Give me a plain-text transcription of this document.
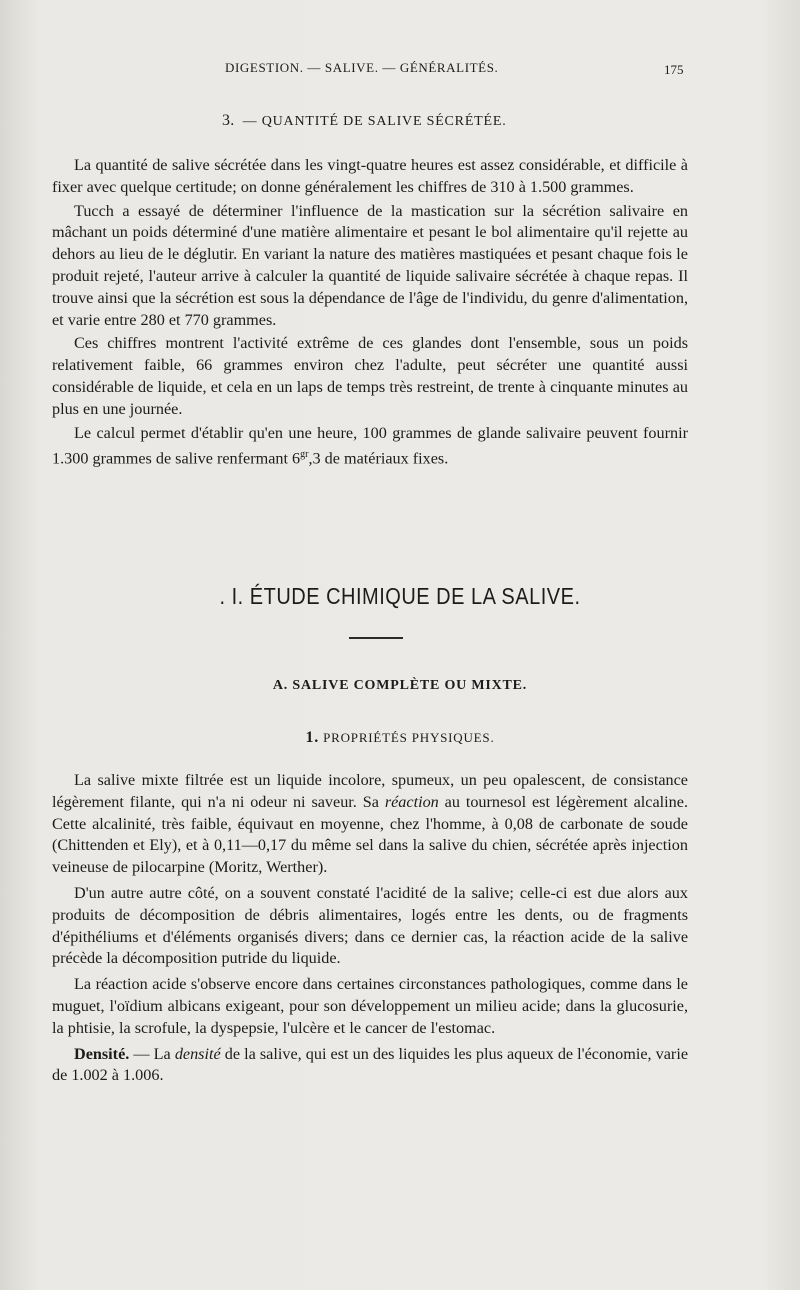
DIGESTION. — SALIVE. — GÉNÉRALITÉS.	175
3. — QUANTITÉ DE SALIVE SÉCRÉTÉE.

La quantité de salive sécrétée dans les vingt-quatre heures est assez considérable, et difficile à fixer avec quelque certitude; on donne généralement les chiffres de 310 à 1.500 grammes.

Tucch a essayé de déterminer l'influence de la mastication sur la sécrétion salivaire en mâchant un poids déterminé d'une matière alimentaire et pesant le bol alimentaire qu'il rejette au dehors au lieu de le déglutir. En variant la nature des matières mastiquées et pesant chaque fois le produit rejeté, l'auteur arrive à calculer la quantité de liquide salivaire sécrétée à chaque repas. Il trouve ainsi que la sécrétion est sous la dépendance de l'âge de l'individu, du genre d'alimentation, et varie entre 280 et 770 grammes.

Ces chiffres montrent l'activité extrême de ces glandes dont l'ensemble, sous un poids relativement faible, 66 grammes environ chez l'adulte, peut sécréter une quantité aussi considérable de liquide, et cela en un laps de temps très restreint, de trente à cinquante minutes au plus en une journée.

Le calcul permet d'établir qu'en une heure, 100 grammes de glande salivaire peuvent fournir 1.300 grammes de salive renfermant $6^{gr},3$ de matériaux fixes.

. I. ÉTUDE CHIMIQUE DE LA SALIVE.
A. SALIVE COMPLÈTE OU MIXTE.
1. PROPRIÉTÉS PHYSIQUES.

La salive mixte filtrée est un liquide incolore, spumeux, un peu opalescent, de consistance légèrement filante, qui n'a ni odeur ni saveur. Sa réaction au tournesol est légèrement alcaline. Cette alcalinité, très faible, équivaut en moyenne, chez l'homme, à 0,08 de carbonate de soude (Chittenden et Ely), et à 0,11—0,17 du même sel dans la salive du chien, sécrétée après injection veineuse de pilocarpine (Moritz, Werther).

D'un autre autre côté, on a souvent constaté l'acidité de la salive; celle-ci est due alors aux produits de décomposition de débris alimentaires, logés entre les dents, ou de fragments d'épithéliums et d'éléments organisés divers; dans ce dernier cas, la réaction acide de la salive précède la décomposition putride du liquide.

La réaction acide s'observe encore dans certaines circonstances pathologiques, comme dans le muguet, l'oïdium albicans exigeant, pour son développement un milieu acide; dans la glucosurie, la phtisie, la scrofule, la dyspepsie, l'ulcère et le cancer de l'estomac.

Densité. — La densité de la salive, qui est un des liquides les plus aqueux de l'économie, varie de 1.002 à 1.006.
